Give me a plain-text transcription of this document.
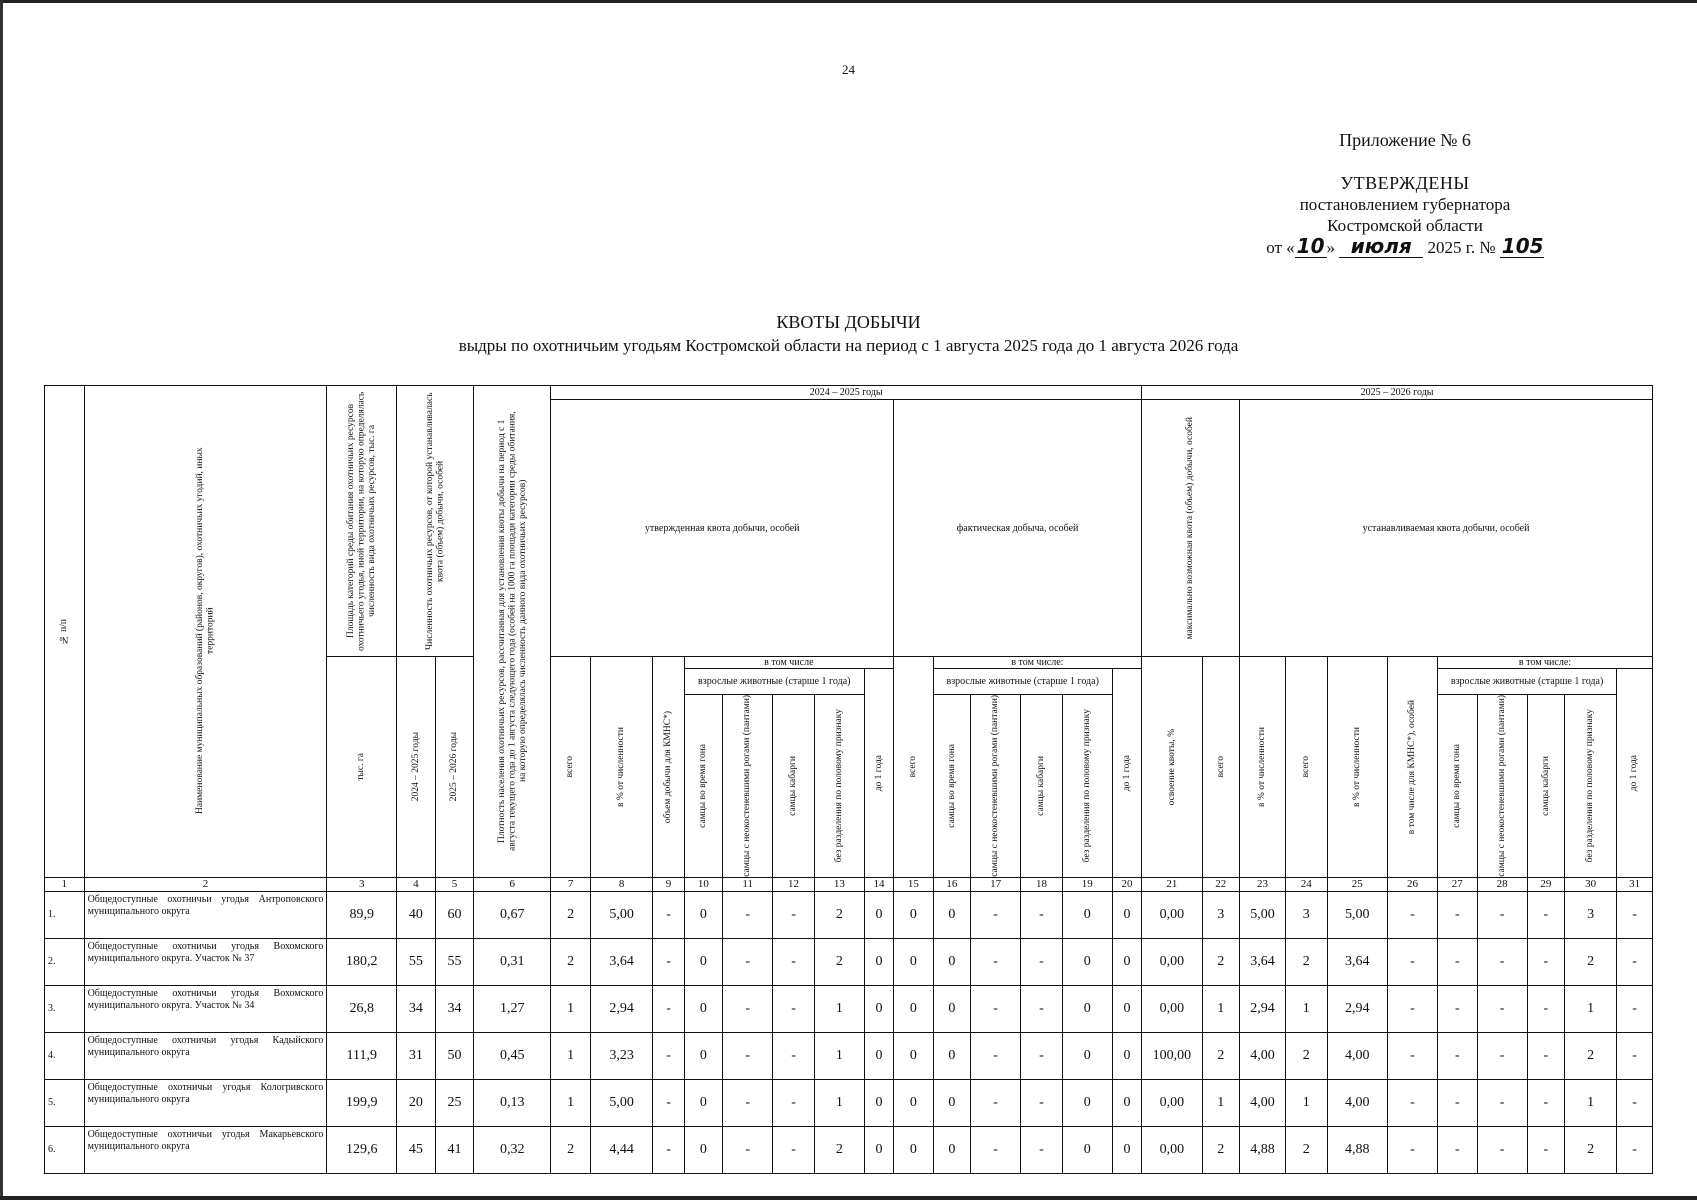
24
Приложение № 6
УТВЕРЖДЕНЫ
постановлением губернатора
Костромской области
от « 10 » июля 2025 г. № 105
КВОТЫ ДОБЫЧИ
выдры по охотничьим угодьям Костромской области на период с 1 августа 2025 года до 1 августа 2026 года
№ п/п	Наименование муниципальных образований (районов, округов), охотничьих угодий, иных территорий	Площадь категорий среды обитания охотничьих ресурсов охотничьего угодья, иной территории, на которую определялась численность вида охотничьих ресурсов, тыс. га	Численность охотничьих ресурсов, от которой устанавливалась квота (объем) добычи, особей		Плотность населения охотничьих ресурсов, рассчитанная для установления квоты добычи на период с 1 августа текущего года до 1 августа следующего года (особей на 1000 га площади категории среды обитания, на которую определялась численность данного вида охотничьих ресурсов)	2024 – 2025 годы														2025 – 2026 годы										
						утвержденная квота добычи, особей								фактическая добыча, особей						максимально возможная квота (объем) добычи, особей		устанавливаемая квота добычи, особей								

		тыс. га	2024 – 2025 годы	2025 – 2026 годы		всего	в % от численности	объем добычи для КМНС*)	в том числе					всего	в том числе:					освоение квоты, %	всего	в % от численности	всего	в % от численности	в том числе для КМНС*), особей	в том числе:				
									взрослые животные (старше 1 года)				до 1 года		взрослые животные (старше 1 года)				до 1 года							взрослые животные (старше 1 года)				до 1 года

									самцы во время гона	самцы с неокостеневшими рогами (пантами)	самцы кабарги	без разделения по половому признаку			самцы во время гона	самцы с неокостеневшими рогами (пантами)	самцы кабарги	без разделения по половому признаку								самцы во время гона	самцы с неокостеневшими рогами (пантами)	самцы кабарги	без разделения по половому признаку	

1	2	3	4	5	6	7	8	9	10	11	12	13	14	15	16	17	18	19	20	21	22	23	24	25	26	27	28	29	30	31
1.	Общедоступные охотничьи угодья Антроповского муниципального округа	89,9	40	60	0,67	2	5,00	-	0	-	-	2	0	0	0	-	-	0	0	0,00	3	5,00	3	5,00	-	-	-	-	3	-
2.	Общедоступные охотничьи угодья Вохомского муниципального округа. Участок № 37	180,2	55	55	0,31	2	3,64	-	0	-	-	2	0	0	0	-	-	0	0	0,00	2	3,64	2	3,64	-	-	-	-	2	-
3.	Общедоступные охотничьи угодья Вохомского муниципального округа. Участок № 34	26,8	34	34	1,27	1	2,94	-	0	-	-	1	0	0	0	-	-	0	0	0,00	1	2,94	1	2,94	-	-	-	-	1	-
4.	Общедоступные охотничьи угодья Кадыйского муниципального округа	111,9	31	50	0,45	1	3,23	-	0	-	-	1	0	0	0	-	-	0	0	100,00	2	4,00	2	4,00	-	-	-	-	2	-
5.	Общедоступные охотничьи угодья Кологривского муниципального округа	199,9	20	25	0,13	1	5,00	-	0	-	-	1	0	0	0	-	-	0	0	0,00	1	4,00	1	4,00	-	-	-	-	1	-
6.	Общедоступные охотничьи угодья Макарьевского муниципального округа	129,6	45	41	0,32	2	4,44	-	0	-	-	2	0	0	0	-	-	0	0	0,00	2	4,88	2	4,88	-	-	-	-	2	-
